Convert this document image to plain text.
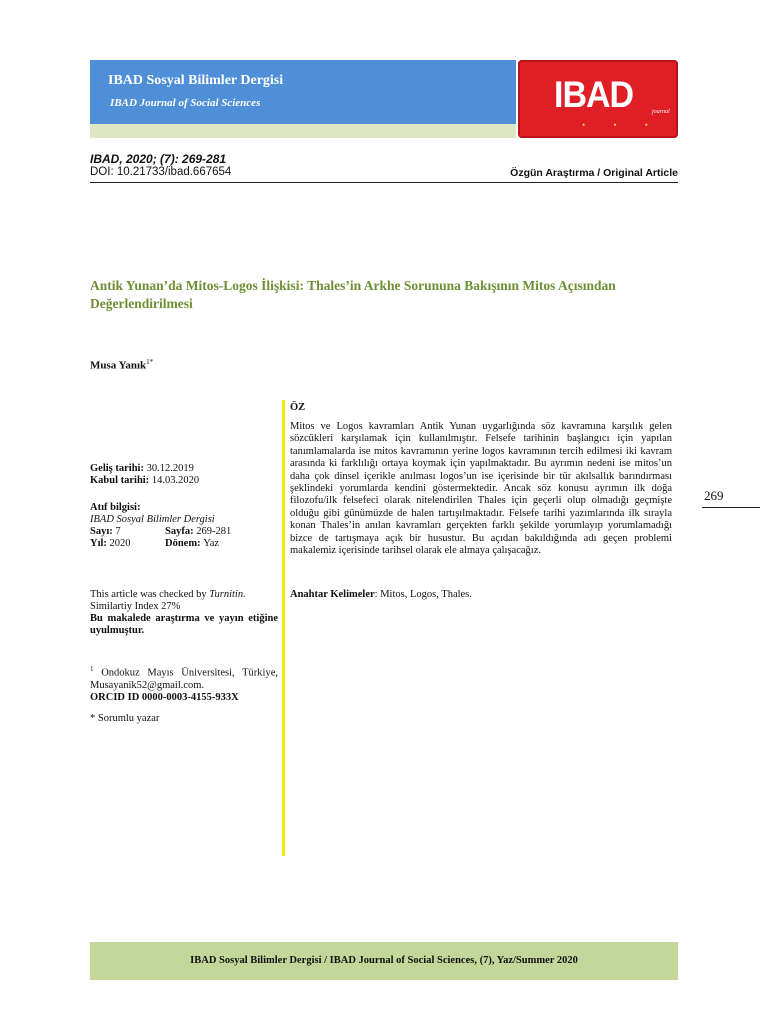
IBAD Sosyal Bilimler Dergisi
IBAD Journal of Social Sciences	IBAD	journal
• • •
IBAD, 2020; (7): 269-281
DOI: 10.21733/ibad.667654	Özgün Araştırma / Original Article
Antik Yunan’da Mitos-Logos İlişkisi: Thales’in Arkhe Sorununa Bakışının Mitos Açısından Değerlendirilmesi
Musa Yanık$^{1*}$
Geliş tarihi: 30.12.2019
Kabul tarihi: 14.03.2020
Atıf bilgisi:
IBAD Sosyal Bilimler Dergisi
Sayı: 7	Sayfa: 269-281
Yıl: 2020	Dönem: Yaz
This article was checked by Turnitin.
Similartiy Index 27%
Bu makalede araştırma ve yayın etiğine uyulmuştur.
$^1$ Ondokuz Mayıs Üniversitesi, Türkiye, Musayanik52@gmail.com.
ORCID ID 0000-0003-4155-933X
* Sorumlu yazar
ÖZ
Mitos ve Logos kavramları Antik Yunan uygarlığında söz kavramına karşılık gelen sözcükleri karşılamak için kullanılmıştır. Felsefe tarihinin başlangıcı için yapılan tanımlamalarda ise mitos kavramının yerine logos kavramının tercih edilmesi iki kavram arasında ki farklılığı ortaya koymak için yapılmaktadır. Bu ayrımın nedeni ise mitos’un daha çok dinsel içerikle anılması logos’un ise içerisinde bir tür akılsallık barındırması şeklindeki yorumlarda kendini göstermektedir. Ancak söz konusu ayrımın ilk doğa filozofu/ilk felsefeci olarak nitelendirilen Thales için geçerli olup olmadığı geçmişte olduğu gibi günümüzde de halen tartışılmaktadır. Felsefe tarihi yazımlarında ilk sırayla konan Thales’in anılan kavramları gerçekten farklı şekilde yorumlayıp yorumlamadığı bizce de tartışmaya açık bir husustur. Bu açıdan bakıldığında adı geçen problemi makalemiz içerisinde tarihsel olarak ele almaya çalışacağız.
Anahtar Kelimeler: Mitos, Logos, Thales.
269
IBAD Sosyal Bilimler Dergisi / IBAD Journal of Social Sciences, (7), Yaz/Summer 2020
